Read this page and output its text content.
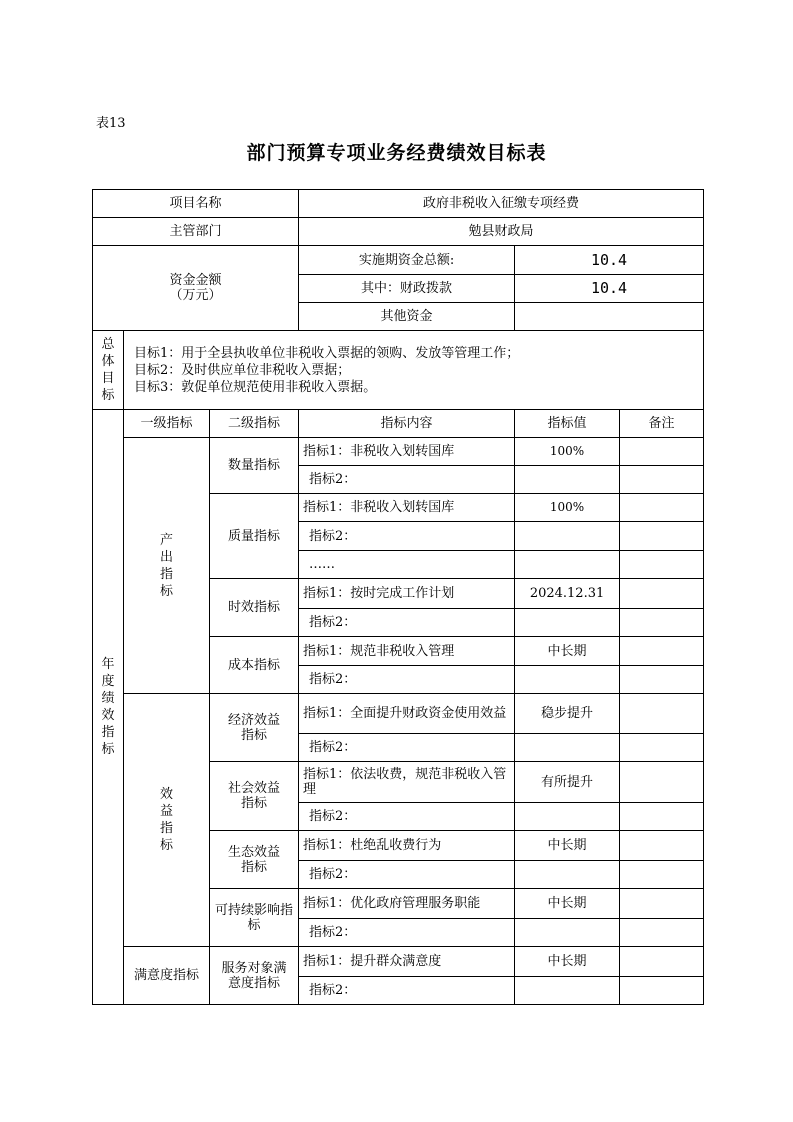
表13
部门预算专项业务经费绩效目标表
项目名称			政府非税收入征缴专项经费		
主管部门			勉县财政局		

资金金额
（万元）			实施期资金总额:	10.4	
			其中：财政拨款	10.4	
			其他资金		

总体目标	目标1：用于全县执收单位非税收入票据的领购、发放等管理工作；
目标2：及时供应单位非税收入票据；
目标3：敦促单位规范使用非税收入票据。				

年度绩效指标	一级指标	二级指标	指标内容	指标值	备注

	产出指标	数量指标	指标1：非税收入划转国库	100%	
			指标2：		
		质量指标	指标1：非税收入划转国库	100%	
			指标2：		
			……		
		时效指标	指标1：按时完成工作计划	2024.12.31	
			指标2：		
		成本指标	指标1：规范非税收入管理	中长期	
			指标2：		

	效益指标	经济效益指标	指标1：全面提升财政资金使用效益	稳步提升	
			指标2：		

		社会效益指标	指标1：依法收费，规范非税收入管理	有所提升	
			指标2：		

		生态效益指标	指标1：杜绝乱收费行为	中长期	
			指标2：		

		可持续影响指标	指标1：优化政府管理服务职能	中长期	
			指标2：		
	满意度指标	服务对象满意度指标	指标1：提升群众满意度	中长期	
			指标2：		
